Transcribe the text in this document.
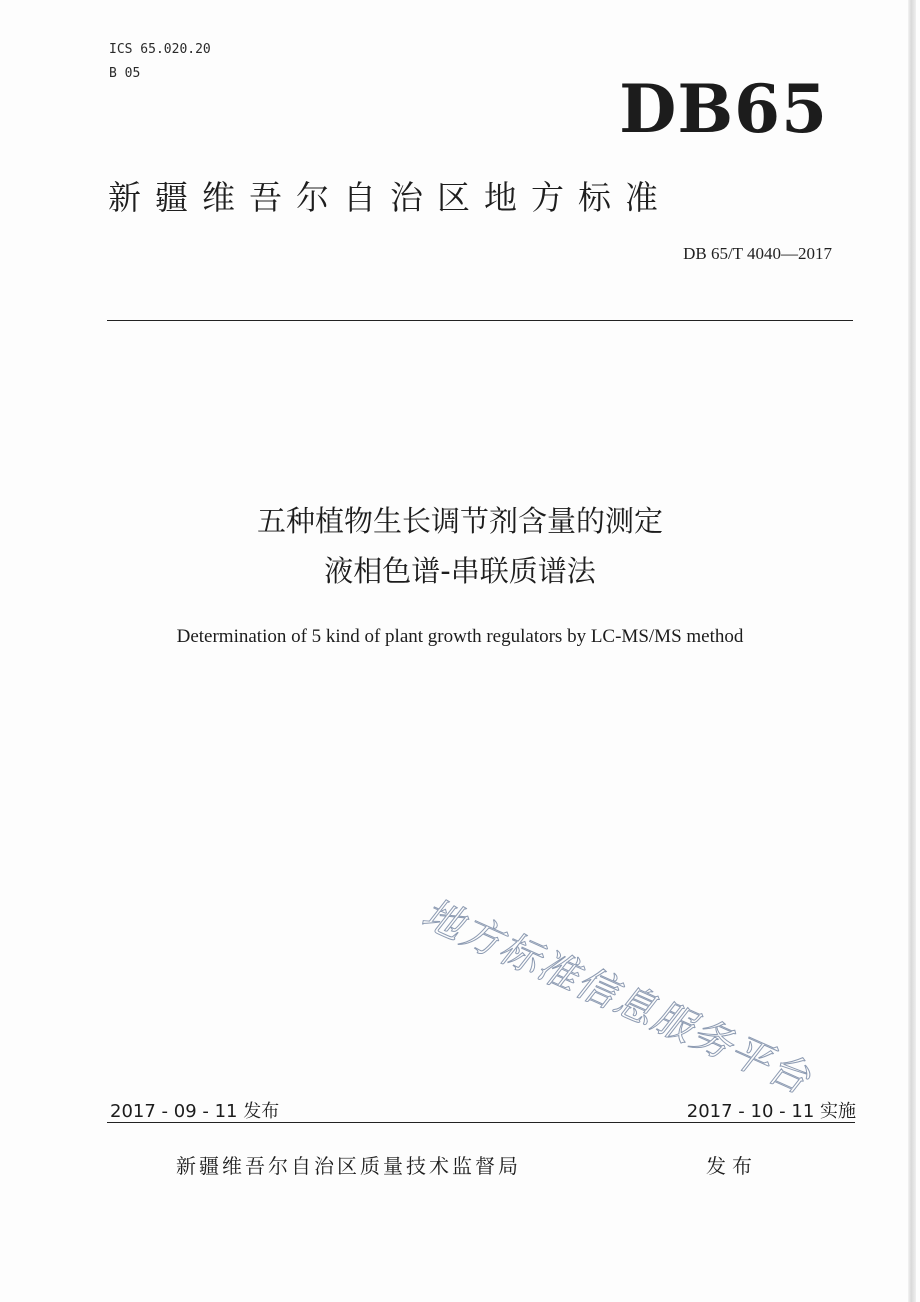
ICS 65.020.20
B 05	DB65
新疆维吾尔自治区地方标准
DB 65/T 4040—2017
五种植物生长调节剂含量的测定
液相色谱-串联质谱法
Determination of 5 kind of plant growth regulators by LC-MS/MS method
地方标准信息服务平台
2017 - 09 - 11 发布	2017 - 10 - 11 实施
新疆维吾尔自治区质量技术监督局	发布
